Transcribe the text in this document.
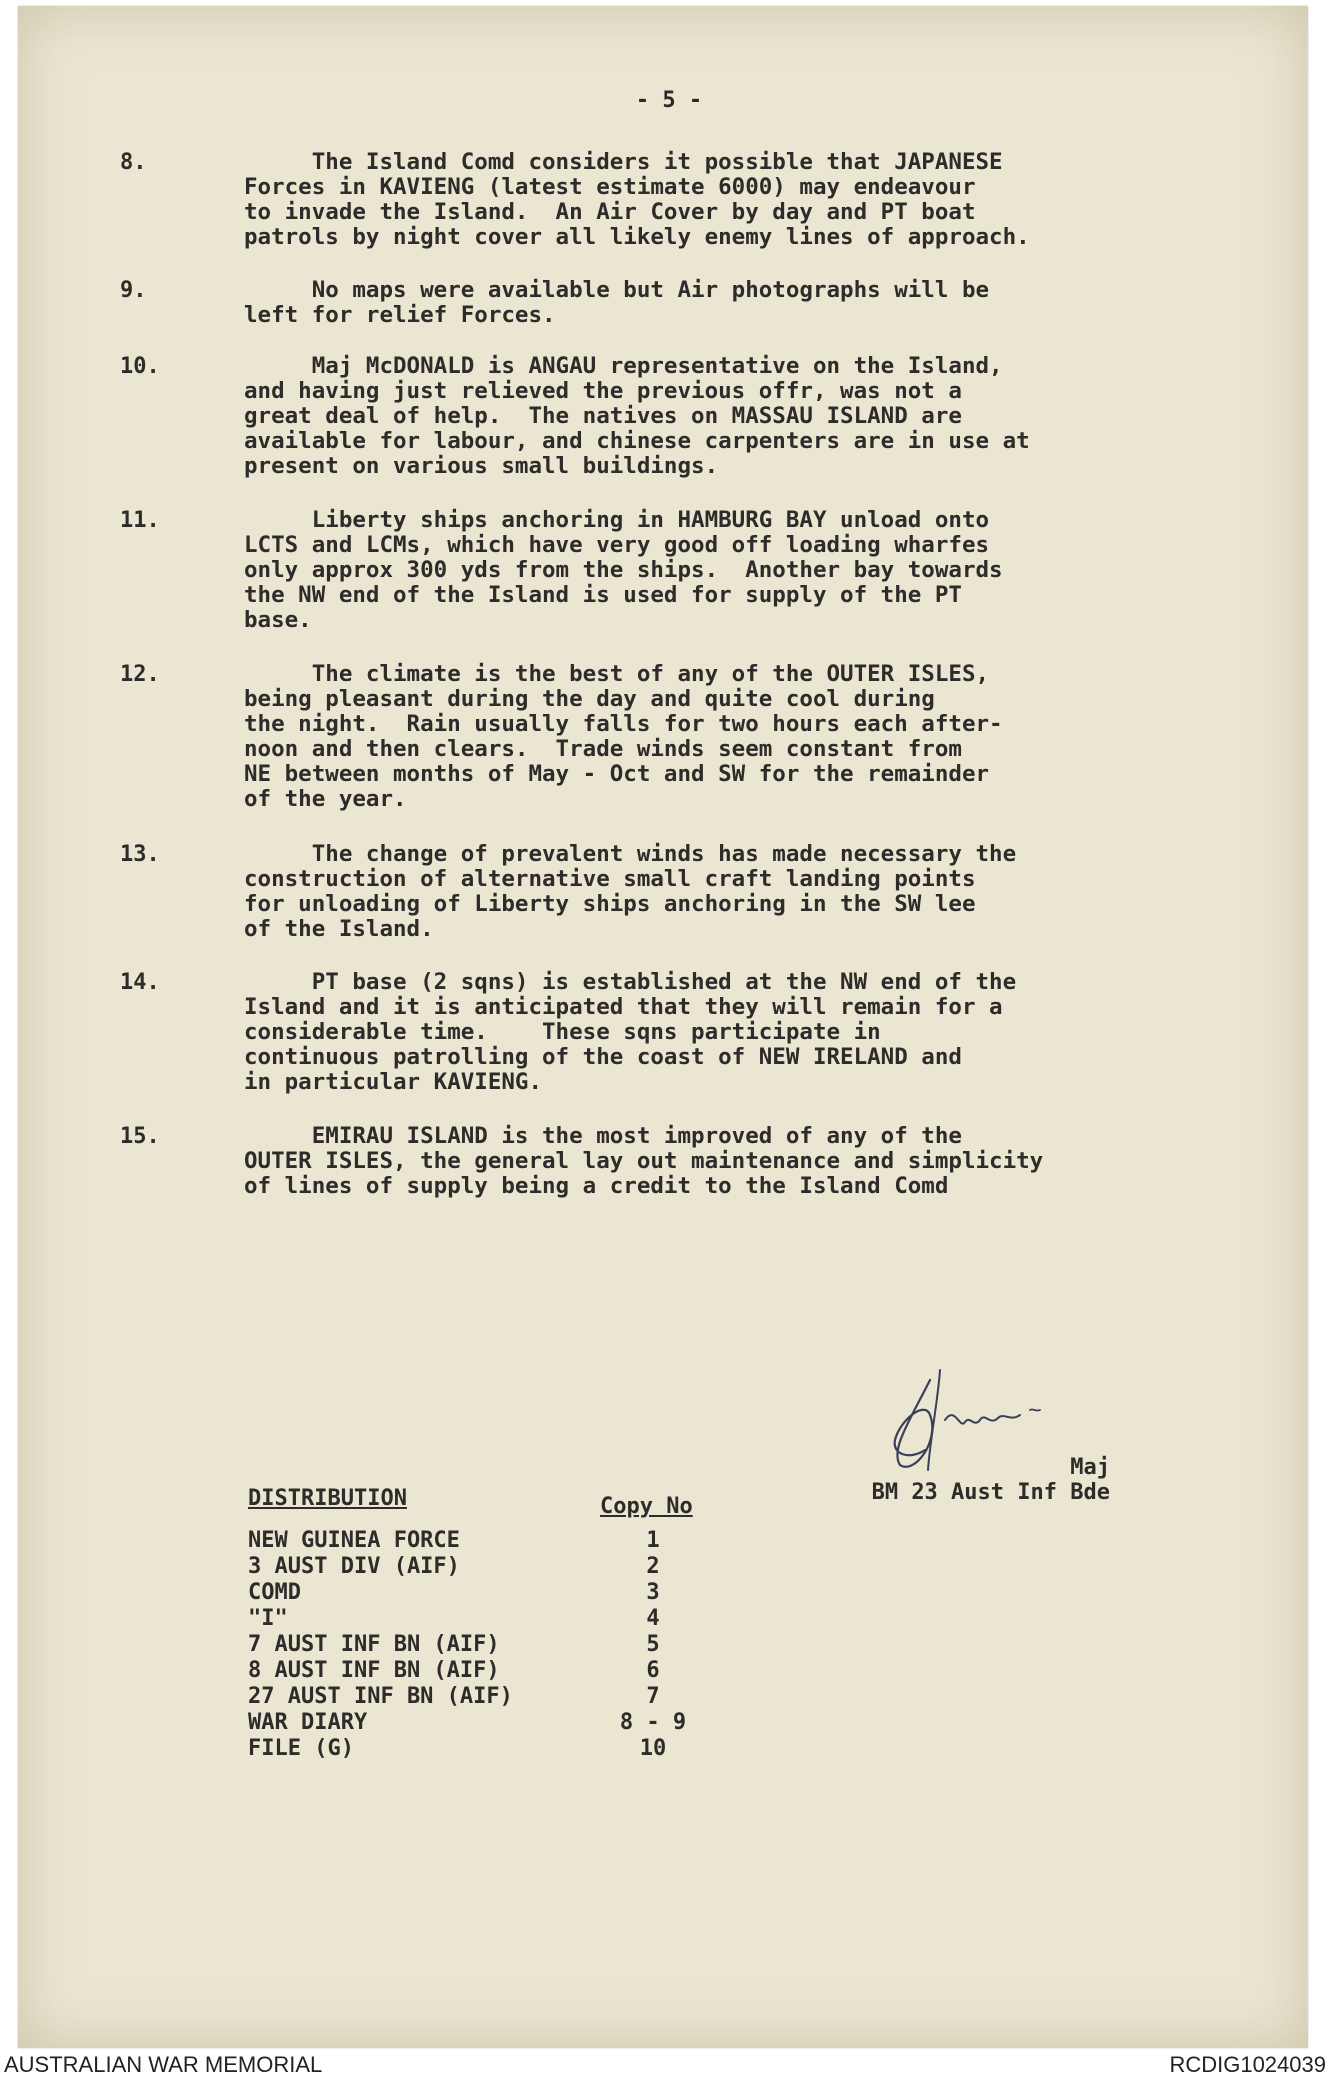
- 5 -
8.	The Island Comd considers it possible that JAPANESE
Forces in KAVIENG (latest estimate 6000) may endeavour
to invade the Island.  An Air Cover by day and PT boat
patrols by night cover all likely enemy lines of approach.
9.	No maps were available but Air photographs will be
left for relief Forces.
10.	Maj McDONALD is ANGAU representative on the Island,
and having just relieved the previous offr, was not a
great deal of help.  The natives on MASSAU ISLAND are
available for labour, and chinese carpenters are in use at
present on various small buildings.
11.	Liberty ships anchoring in HAMBURG BAY unload onto
LCTS and LCMs, which have very good off loading wharfes
only approx 300 yds from the ships.  Another bay towards
the NW end of the Island is used for supply of the PT
base.
12.	The climate is the best of any of the OUTER ISLES,
being pleasant during the day and quite cool during
the night.  Rain usually falls for two hours each after-
noon and then clears.  Trade winds seem constant from
NE between months of May - Oct and SW for the remainder
of the year.
13.	The change of prevalent winds has made necessary the
construction of alternative small craft landing points
for unloading of Liberty ships anchoring in the SW lee
of the Island.
14.	PT base (2 sqns) is established at the NW end of the
Island and it is anticipated that they will remain for a
considerable time.    These sqns participate in
continuous patrolling of the coast of NEW IRELAND and
in particular KAVIENG.
15.	EMIRAU ISLAND is the most improved of any of the
OUTER ISLES, the general lay out maintenance and simplicity
of lines of supply being a credit to the Island Comd
Maj
BM 23 Aust Inf Bde
DISTRIBUTION	Copy No
NEW GUINEA FORCE	1
3 AUST DIV (AIF)	2
COMD	3
"I"	4
7 AUST INF BN (AIF)	5
8 AUST INF BN (AIF)	6
27 AUST INF BN (AIF)	7
WAR DIARY	8 - 9
FILE (G)	10
AUSTRALIAN WAR MEMORIAL	RCDIG1024039
